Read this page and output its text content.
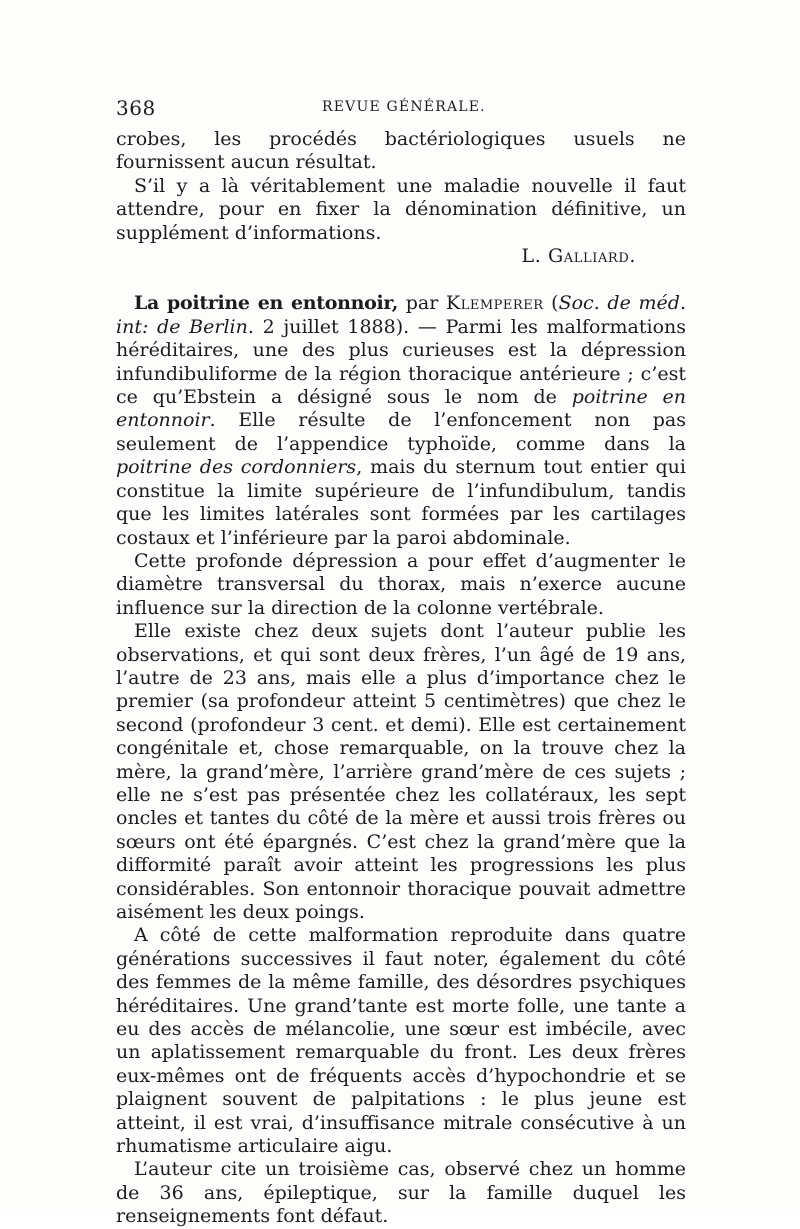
368	REVUE GÉNÉRALE.

crobes, les procédés bactériologiques usuels ne fournissent aucun résultat.

S’il y a là véritablement une maladie nouvelle il faut attendre, pour en fixer la dénomination définitive, un supplément d’informations.

L. Galliard.

La poitrine en entonnoir, par Klemperer (Soc. de méd. int: de Berlin. 2 juillet 1888). — Parmi les malformations héréditaires, une des plus curieuses est la dépression infundibuliforme de la région thoracique antérieure ; c’est ce qu’Ebstein a désigné sous le nom de poitrine en entonnoir. Elle résulte de l’enfoncement non pas seulement de l’appendice typhoïde, comme dans la poitrine des cordonniers, mais du sternum tout entier qui constitue la limite supérieure de l’infundibulum, tandis que les limites latérales sont formées par les cartilages costaux et l’inférieure par la paroi abdominale.

Cette profonde dépression a pour effet d’augmenter le diamètre transversal du thorax, mais n’exerce aucune influence sur la direction de la colonne vertébrale.

Elle existe chez deux sujets dont l’auteur publie les observations, et qui sont deux frères, l’un âgé de 19 ans, l’autre de 23 ans, mais elle a plus d’importance chez le premier (sa profondeur atteint 5 centimètres) que chez le second (profondeur 3 cent. et demi). Elle est certainement congénitale et, chose remarquable, on la trouve chez la mère, la grand’mère, l’arrière grand’mère de ces sujets ; elle ne s’est pas présentée chez les collatéraux, les sept oncles et tantes du côté de la mère et aussi trois frères ou sœurs ont été épargnés. C’est chez la grand’mère que la difformité paraît avoir atteint les progressions les plus considérables. Son entonnoir thoracique pouvait admettre aisément les deux poings.

A côté de cette malformation reproduite dans quatre générations successives il faut noter, également du côté des femmes de la même famille, des désordres psychiques héréditaires. Une grand’tante est morte folle, une tante a eu des accès de mélancolie, une sœur est imbécile, avec un aplatissement remarquable du front. Les deux frères eux-mêmes ont de fréquents accès d’hypochondrie et se plaignent souvent de palpitations : le plus jeune est atteint, il est vrai, d’insuffisance mitrale consécutive à un rhumatisme articulaire aigu.

L’auteur cite un troisième cas, observé chez un homme de 36 ans, épileptique, sur la famille duquel les renseignements font défaut.
